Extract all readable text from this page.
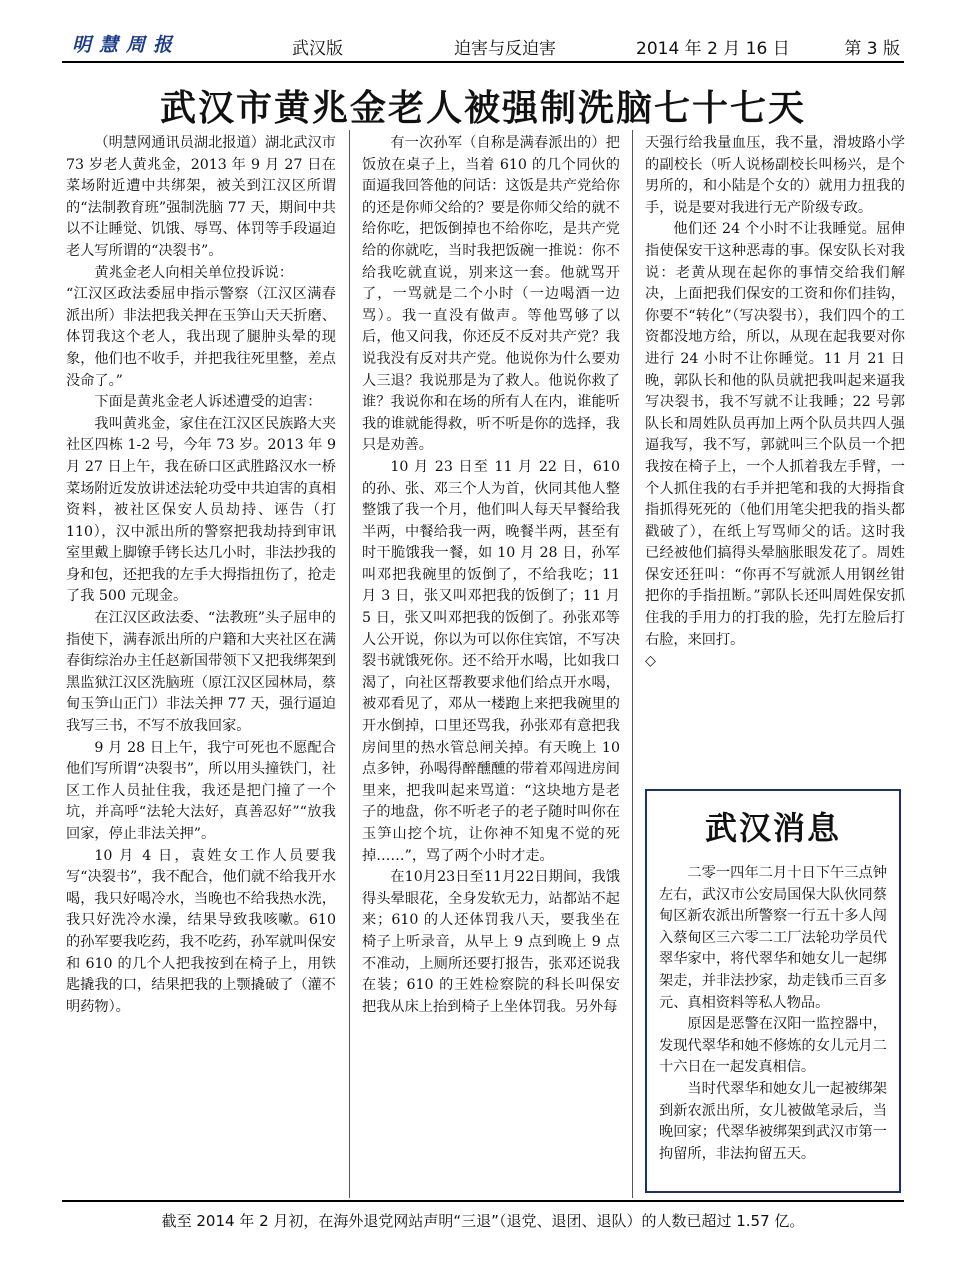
明慧周报	武汉版	迫害与反迫害	2014 年 2 月 16 日	第 3 版
武汉市黄兆金老人被强制洗脑七十七天

（明慧网通讯员湖北报道）湖北武汉市 73 岁老人黄兆金，2013 年 9 月 27 日在菜场附近遭中共绑架，被关到江汉区所谓的“法制教育班”强制洗脑 77 天，期间中共以不让睡觉、饥饿、辱骂、体罚等手段逼迫老人写所谓的“决裂书”。

黄兆金老人向相关单位投诉说：

“江汉区政法委屈申指示警察（江汉区满春派出所）非法把我关押在玉笋山天天折磨、体罚我这个老人，我出现了腿肿头晕的现象，他们也不收手，并把我往死里整，差点没命了。”

下面是黄兆金老人诉述遭受的迫害：

我叫黄兆金，家住在江汉区民族路大夹社区四栋 1-2 号，今年 73 岁。2013 年 9 月 27 日上午，我在硚口区武胜路汉水一桥菜场附近发放讲述法轮功受中共迫害的真相资料，被社区保安人员劫持、诬告（打 110），汉中派出所的警察把我劫持到审讯室里戴上脚镣手铐长达几小时，非法抄我的身和包，还把我的左手大拇指扭伤了，抢走了我 500 元现金。

在江汉区政法委、“法教班”头子屈申的指使下，满春派出所的户籍和大夹社区在满春街综治办主任赵新国带领下又把我绑架到黑监狱江汉区洗脑班（原江汉区园林局，蔡甸玉笋山正门）非法关押 77 天，强行逼迫我写三书，不写不放我回家。

9 月 28 日上午，我宁可死也不愿配合他们写所谓“决裂书”，所以用头撞铁门，社区工作人员扯住我，我还是把门撞了一个坑，并高呼“法轮大法好，真善忍好”“放我回家，停止非法关押”。

10 月 4 日，袁姓女工作人员要我写“决裂书”，我不配合，他们就不给我开水喝，我只好喝冷水，当晚也不给我热水洗，我只好洗冷水澡，结果导致我咳嗽。610 的孙军要我吃药，我不吃药，孙军就叫保安和 610 的几个人把我按到在椅子上，用铁匙撬我的口，结果把我的上颚撬破了（灌不明药物）。

有一次孙军（自称是满春派出的）把饭放在桌子上，当着 610 的几个同伙的面逼我回答他的问话：这饭是共产党给你的还是你师父给的？要是你师父给的就不给你吃，把饭倒掉也不给你吃，是共产党给的你就吃，当时我把饭碗一推说：你不给我吃就直说，别来这一套。他就骂开了，一骂就是二个小时（一边喝酒一边骂）。我一直没有做声。等他骂够了以后，他又问我，你还反不反对共产党？我说我没有反对共产党。他说你为什么要劝人三退？我说那是为了救人。他说你救了谁？我说你和在场的所有人在内，谁能听我的谁就能得救，听不听是你的选择，我只是劝善。

10 月 23 日至 11 月 22 日，610 的孙、张、邓三个人为首，伙同其他人整整饿了我一个月，他们叫人每天早餐给我半两，中餐给我一两，晚餐半两，甚至有时干脆饿我一餐，如 10 月 28 日，孙军叫邓把我碗里的饭倒了，不给我吃；11 月 3 日，张又叫邓把我的饭倒了；11 月 5 日，张又叫邓把我的饭倒了。孙张邓等人公开说，你以为可以你住宾馆，不写决裂书就饿死你。还不给开水喝，比如我口渴了，向社区帮教要求他们给点开水喝，被邓看见了，邓从一楼跑上来把我碗里的开水倒掉，口里还骂我，孙张邓有意把我房间里的热水管总闸关掉。有天晚上 10 点多钟，孙喝得醉醺醺的带着邓闯进房间里来，把我叫起来骂道：“这块地方是老子的地盘，你不听老子的老子随时叫你在玉笋山挖个坑，让你神不知鬼不觉的死掉……”，骂了两个小时才走。

在10月23日至11月22日期间，我饿得头晕眼花，全身发软无力，站都站不起来；610 的人还体罚我八天，要我坐在椅子上听录音，从早上 9 点到晚上 9 点不准动，上厕所还要打报告，张邓还说我在装；610 的王姓检察院的科长叫保安把我从床上抬到椅子上坐体罚我。另外每

天强行给我量血压，我不量，滑坡路小学的副校长（听人说杨副校长叫杨兴，是个男所的，和小陆是个女的）就用力扭我的手，说是要对我进行无产阶级专政。

他们还 24 个小时不让我睡觉。屈伸指使保安干这种恶毒的事。保安队长对我说：老黄从现在起你的事情交给我们解决，上面把我们保安的工资和你们挂钩，你要不“转化”（写决裂书），我们四个的工资都没地方给，所以，从现在起我要对你进行 24 小时不让你睡觉。11 月 21 日晚，郭队长和他的队员就把我叫起来逼我写决裂书，我不写就不让我睡；22 号郭队长和周姓队员再加上两个队员共四人强逼我写，我不写，郭就叫三个队员一个把我按在椅子上，一个人抓着我左手臂，一个人抓住我的右手并把笔和我的大拇指食指抓得死死的（他们用笔尖把我的指头都戳破了），在纸上写骂师父的话。这时我已经被他们搞得头晕脑胀眼发花了。周姓保安还狂叫：“你再不写就派人用钢丝钳把你的手指扭断。”郭队长还叫周姓保安抓住我的手用力的打我的脸，先打左脸后打右脸，来回打。

◇

武汉消息

二零一四年二月十日下午三点钟左右，武汉市公安局国保大队伙同蔡甸区新农派出所警察一行五十多人闯入蔡甸区三六零二工厂法轮功学员代翠华家中，将代翠华和她女儿一起绑架走，并非法抄家，劫走钱币三百多元、真相资料等私人物品。

原因是恶警在汉阳一监控器中，发现代翠华和她不修炼的女儿元月二十六日在一起发真相信。

当时代翠华和她女儿一起被绑架到新农派出所，女儿被做笔录后，当晚回家；代翠华被绑架到武汉市第一拘留所，非法拘留五天。

截至 2014 年 2 月初，在海外退党网站声明“三退”（退党、退团、退队）的人数已超过 1.57 亿。
